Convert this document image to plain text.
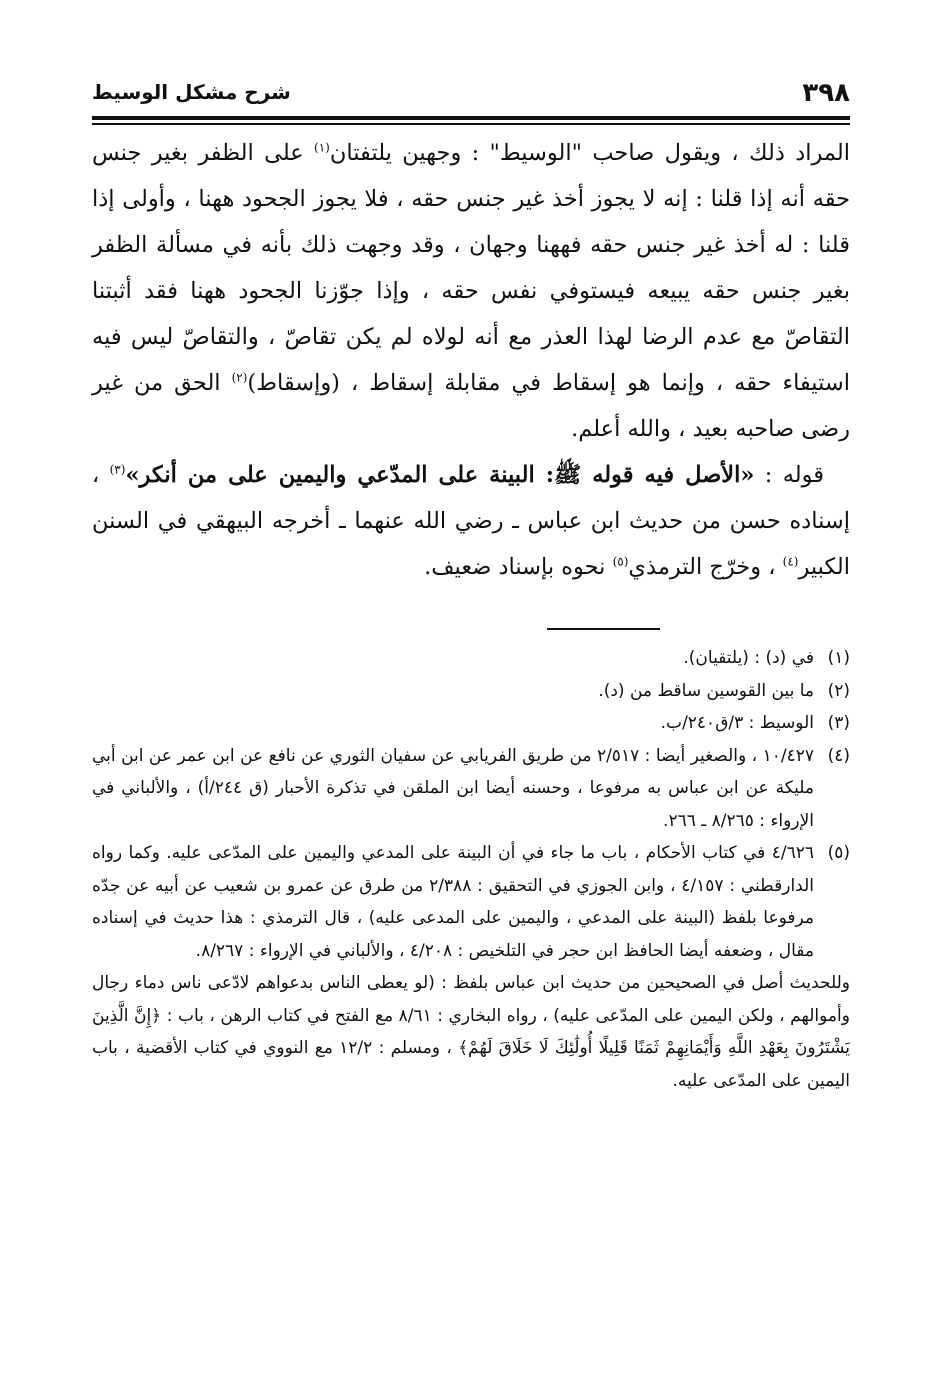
٣٩٨
شرح مشكل الوسيط

المراد ذلك ، ويقول صاحب "الوسيط" : وجهين يلتفتان$^{(١)}$ على الظفر بغير جنس حقه أنه إذا قلنا : إنه لا يجوز أخذ غير جنس حقه ، فلا يجوز الجحود ههنا ، وأولى إذا قلنا : له أخذ غير جنس حقه فههنا وجهان ، وقد وجهت ذلك بأنه في مسألة الظفر بغير جنس حقه يبيعه فيستوفي نفس حقه ، وإذا جوّزنا الجحود ههنا فقد أثبتنا التقاصّ مع عدم الرضا لهذا العذر مع أنه لولاه لم يكن تقاصّ ، والتقاصّ ليس فيه استيفاء حقه ، وإنما هو إسقاط في مقابلة إسقاط ، (وإسقاط)$^{(٢)}$ الحق من غير رضى صاحبه بعيد ، والله أعلم.

قوله : «الأصل فيه قوله ﷺ: البينة على المدّعي واليمين على من أنكر»$^{(٣)}$ ، إسناده حسن من حديث ابن عباس ـ رضي الله عنهما ـ أخرجه البيهقي في السنن الكبير$^{(٤)}$ ، وخرّج الترمذي$^{(٥)}$ نحوه بإسناد ضعيف.

(١)
في (د) : (يلتقيان).

(٢)
ما بين القوسين ساقط من (د).

(٣)
الوسيط : ٣/ق٢٤٠/ب.

(٤)
١٠/٤٢٧ ، والصغير أيضا : ٢/٥١٧ من طريق الفريابي عن سفيان الثوري عن نافع عن ابن عمر عن ابن أبي مليكة عن ابن عباس به مرفوعا ، وحسنه أيضا ابن الملقن في تذكرة الأحبار (ق ٢٤٤/أ) ، والألباني في الإرواء : ٨/٢٦٥ ـ ٢٦٦.

(٥)
٤/٦٢٦ في كتاب الأحكام ، باب ما جاء في أن البينة على المدعي واليمين على المدّعى عليه. وكما رواه الدارقطني : ٤/١٥٧ ، وابن الجوزي في التحقيق : ٢/٣٨٨ من طرق عن عمرو بن شعيب عن أبيه عن جدّه مرفوعا بلفظ (البينة على المدعي ، واليمين على المدعى عليه) ، قال الترمذي : هذا حديث في إسناده مقال ، وضعفه أيضا الحافظ ابن حجر في التلخيص : ٤/٢٠٨ ، والألباني في الإرواء : ٨/٢٦٧.

وللحديث أصل في الصحيحين من حديث ابن عباس بلفظ : (لو يعطى الناس بدعواهم لادّعى ناس دماء رجال وأموالهم ، ولكن اليمين على المدّعى عليه) ، رواه البخاري : ٨/٦١ مع الفتح في كتاب الرهن ، باب : ﴿إِنَّ الَّذِينَ يَشْتَرُونَ بِعَهْدِ اللَّهِ وَأَيْمَانِهِمْ ثَمَنًا قَلِيلًا أُولَٰئِكَ لَا خَلَاقَ لَهُمْ﴾ ، ومسلم : ١٢/٢ مع النووي في كتاب الأقضية ، باب اليمين على المدّعى عليه.
